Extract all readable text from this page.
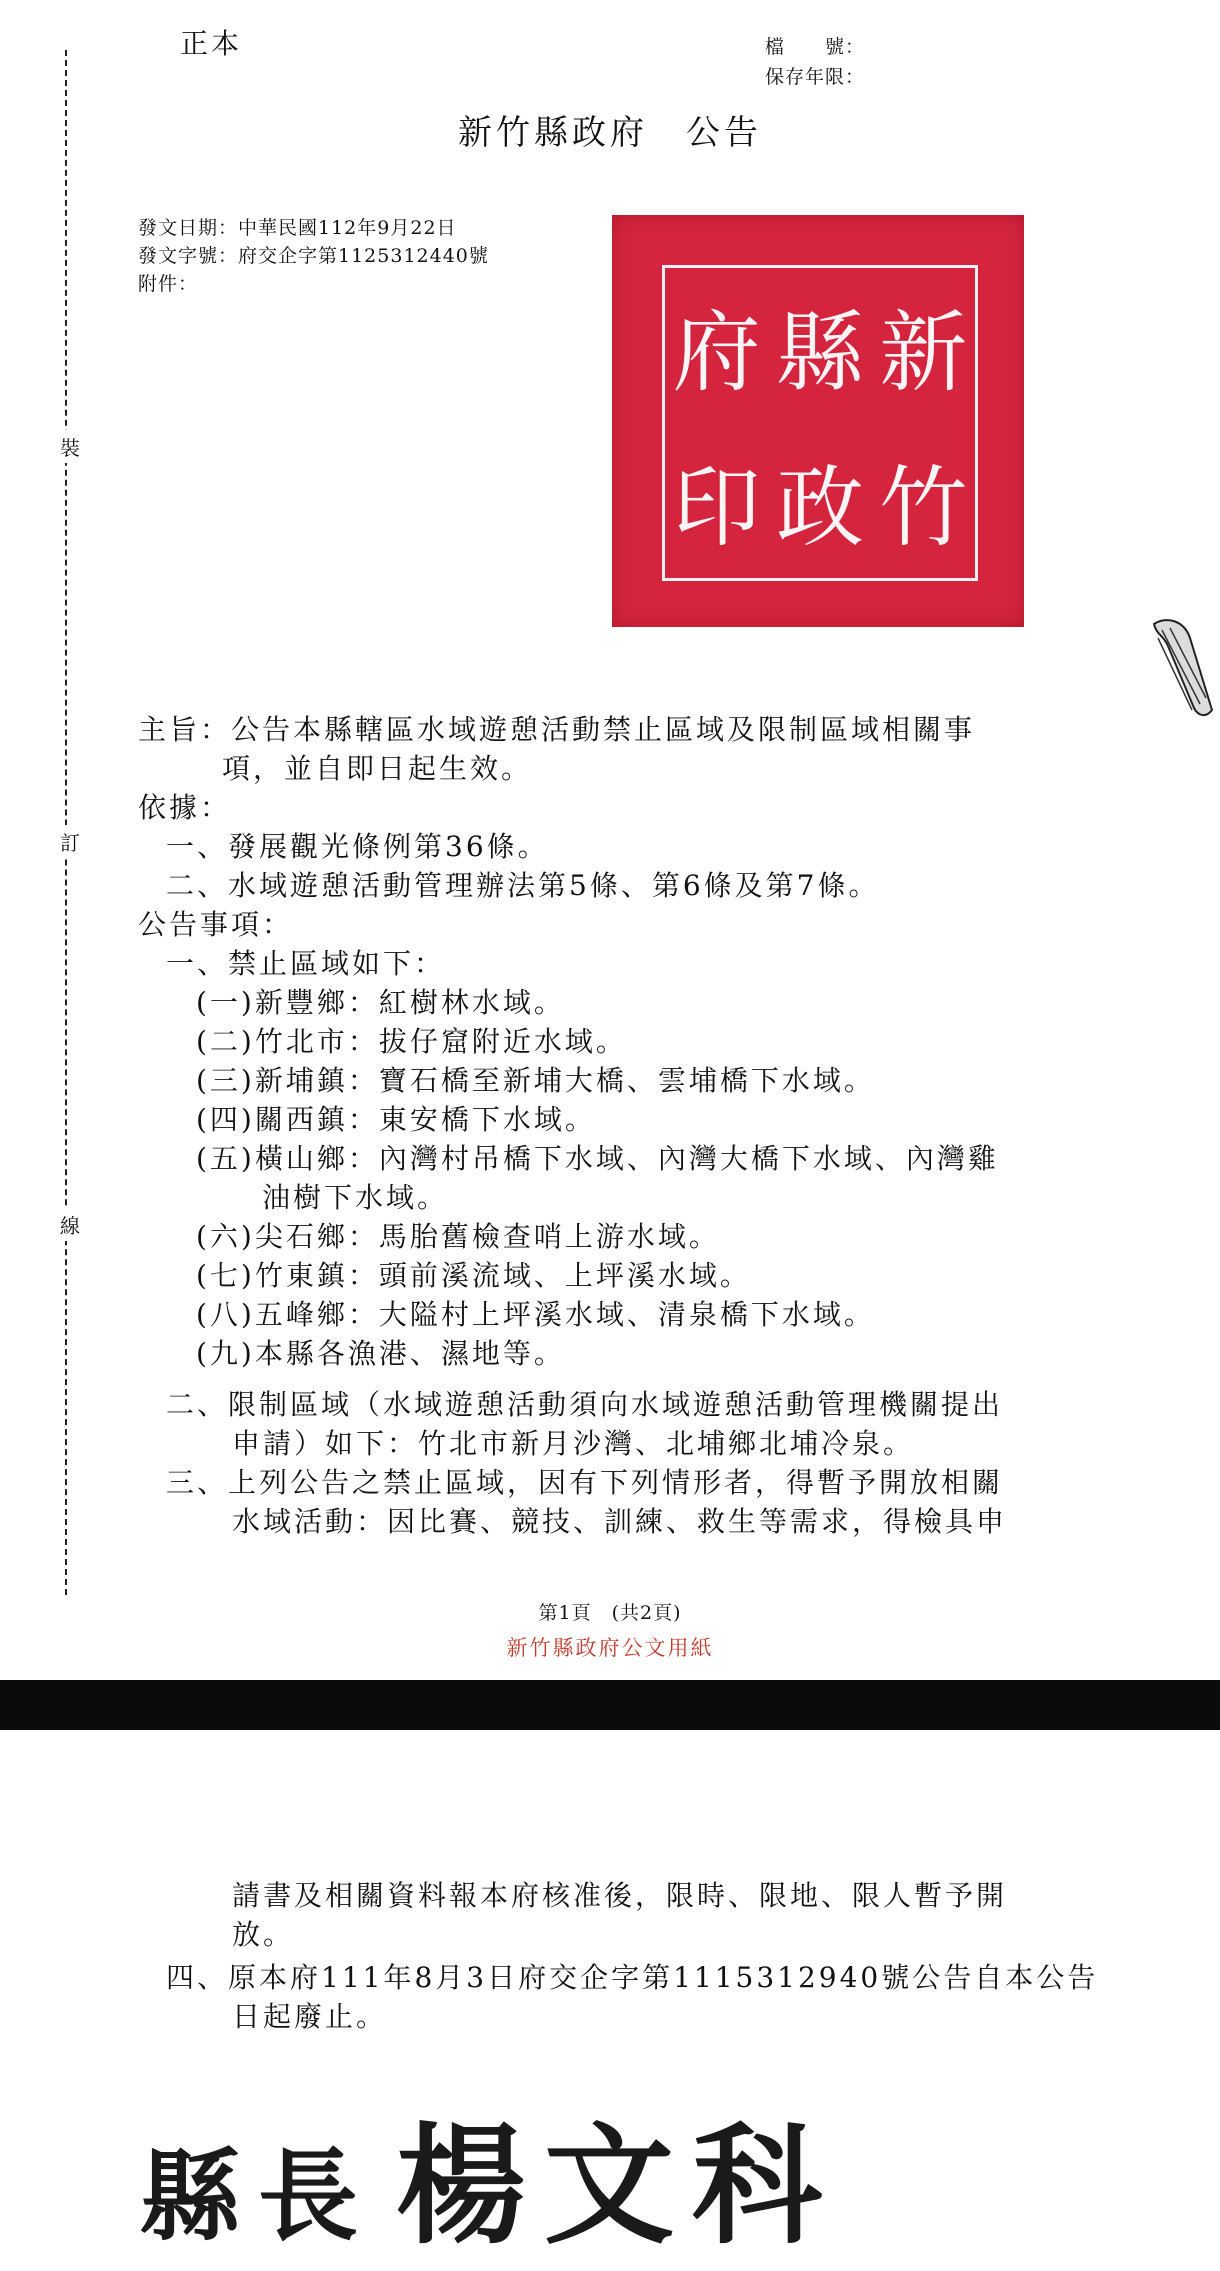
正本	檔　　號：
保存年限：
新竹縣政府　公告
發文日期：中華民國112年9月22日
發文字號：府交企字第1125312440號
附件：
裝
訂
線
府 縣 新
印 政 竹
主旨：公告本縣轄區水域遊憩活動禁止區域及限制區域相關事
項，並自即日起生效。
依據：
一、發展觀光條例第36條。
二、水域遊憩活動管理辦法第5條、第6條及第7條。
公告事項：
一、禁止區域如下：
(一)新豐鄉：紅樹林水域。
(二)竹北市：拔仔窟附近水域。
(三)新埔鎮：寶石橋至新埔大橋、雲埔橋下水域。
(四)關西鎮：東安橋下水域。
(五)橫山鄉：內灣村吊橋下水域、內灣大橋下水域、內灣雞
油樹下水域。
(六)尖石鄉：馬胎舊檢查哨上游水域。
(七)竹東鎮：頭前溪流域、上坪溪水域。
(八)五峰鄉：大隘村上坪溪水域、清泉橋下水域。
(九)本縣各漁港、濕地等。
二、限制區域（水域遊憩活動須向水域遊憩活動管理機關提出
申請）如下：竹北市新月沙灣、北埔鄉北埔冷泉。
三、上列公告之禁止區域，因有下列情形者，得暫予開放相關
水域活動：因比賽、競技、訓練、救生等需求，得檢具申
第1頁　(共2頁)
新竹縣政府公文用紙
請書及相關資料報本府核准後，限時、限地、限人暫予開
放。
四、原本府111年8月3日府交企字第1115312940號公告自本公告
日起廢止。
縣長 楊文科
